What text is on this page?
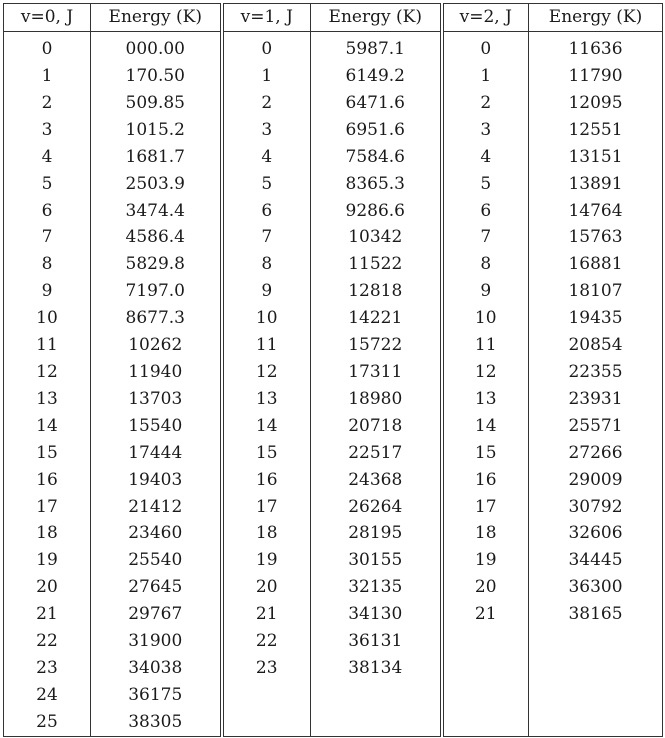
v=0, J	Energy (K)	v=1, J	Energy (K)	v=2, J	Energy (K)

0	000.00	0	5987.1	0	11636
1	170.50	1	6149.2	1	11790
2	509.85	2	6471.6	2	12095
3	1015.2	3	6951.6	3	12551
4	1681.7	4	7584.6	4	13151
5	2503.9	5	8365.3	5	13891
6	3474.4	6	9286.6	6	14764
7	4586.4	7	10342	7	15763
8	5829.8	8	11522	8	16881
9	7197.0	9	12818	9	18107
10	8677.3	10	14221	10	19435
11	10262	11	15722	11	20854
12	11940	12	17311	12	22355
13	13703	13	18980	13	23931
14	15540	14	20718	14	25571
15	17444	15	22517	15	27266
16	19403	16	24368	16	29009
17	21412	17	26264	17	30792
18	23460	18	28195	18	32606
19	25540	19	30155	19	34445
20	27645	20	32135	20	36300
21	29767	21	34130	21	38165
22	31900	22	36131		
23	34038	23	38134		
24	36175				
25	38305				
